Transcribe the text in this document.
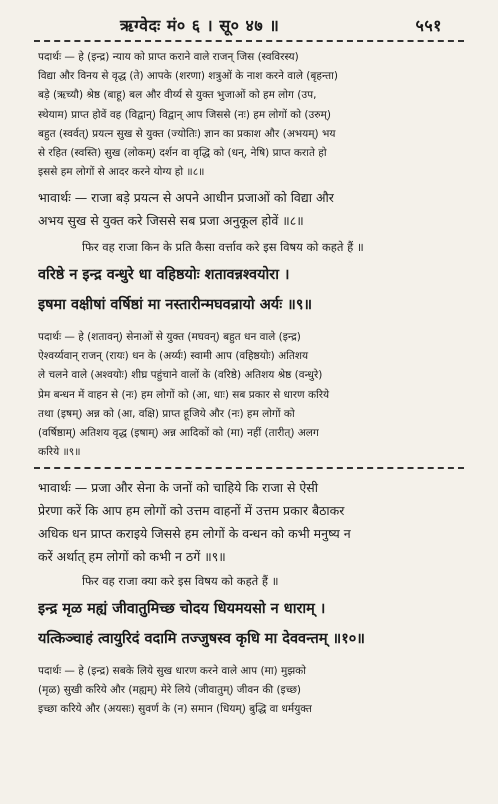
ऋग्वेदः मं० ६ । सू० ४७ ॥	५५१
पदार्थः — हे (इन्द्र) न्याय को प्राप्त कराने वाले राजन् जिस (स्वविरस्य)
विद्या और विनय से वृद्ध (ते) आपके (शरणा) शत्रुओं के नाश करने वाले (बृहन्ता)
बड़े (ऋच्यौ) श्रेष्ठ (बाहू) बल और वीर्य्य से युक्त भुजाओं को हम लोग (उप,
स्थेयाम) प्राप्त होवें वह (विद्वान्) विद्वान् आप जिससे (नः) हम लोगों को (उरुम्)
बहुत (स्वर्वत्) प्रयत्न सुख से युक्त (ज्योतिः) ज्ञान का प्रकाश और (अभयम्) भय
से रहित (स्वस्ति) सुख (लोकम्) दर्शन वा वृद्धि को (धन्, नेषि) प्राप्त कराते हो
इससे हम लोगों से आदर करने योग्य हो ॥८॥
भावार्थः — राजा बड़े प्रयत्न से अपने आधीन प्रजाओं को विद्या और
अभय सुख से युक्त करे जिससे सब प्रजा अनुकूल होवें ॥८॥
फिर वह राजा किन के प्रति कैसा वर्त्ताव करे इस विषय को कहते हैं ॥
वरिष्ठे न इन्द्र वन्धुरे धा वहिष्ठयोः शतावन्नश्वयोरा ।
इषमा वक्षीषां वर्षिष्ठां मा नस्तारीन्मघवन्रायो अर्यः ॥९॥
पदार्थः — हे (शतावन्) सेनाओं से युक्त (मघवन्) बहुत धन वाले (इन्द्र)
ऐश्वर्य्यवान् राजन् (रायः) धन के (अर्य्यः) स्वामी आप (वहिष्ठयोः) अतिशय
ले चलने वाले (अश्वयोः) शीघ्र पहुंचाने वालों के (वरिष्ठे) अतिशय श्रेष्ठ (वन्धुरे)
प्रेम बन्धन में वाहन से (नः) हम लोगों को (आ, धाः) सब प्रकार से धारण करिये
तथा (इषम्) अन्न को (आ, वक्षि) प्राप्त हूजिये और (नः) हम लोगों को
(वर्षिष्ठाम्) अतिशय वृद्ध (इषाम्) अन्न आदिकों को (मा) नहीं (तारीत्) अलग
करिये ॥९॥
भावार्थः — प्रजा और सेना के जनों को चाहिये कि राजा से ऐसी
प्रेरणा करें कि आप हम लोगों को उत्तम वाहनों में उत्तम प्रकार बैठाकर
अधिक धन प्राप्त कराइये जिससे हम लोगों के वन्धन को कभी मनुष्य न
करें अर्थात् हम लोगों को कभी न ठगें ॥९॥
फिर वह राजा क्या करे इस विषय को कहते हैं ॥
इन्द्र मृळ मह्यं जीवातुमिच्छ चोदय धियमयसो न धाराम् ।
यत्किञ्चाहं त्वायुरिदं वदामि तज्जुषस्व कृधि मा देववन्तम् ॥१०॥
पदार्थः — हे (इन्द्र) सबके लिये सुख धारण करने वाले आप (मा) मुझको
(मृळ) सुखी करिये और (मह्यम्) मेरे लिये (जीवातुम्) जीवन की (इच्छ)
इच्छा करिये और (अयसः) सुवर्ण के (न) समान (धियम्) बुद्धि वा धर्मयुक्त
